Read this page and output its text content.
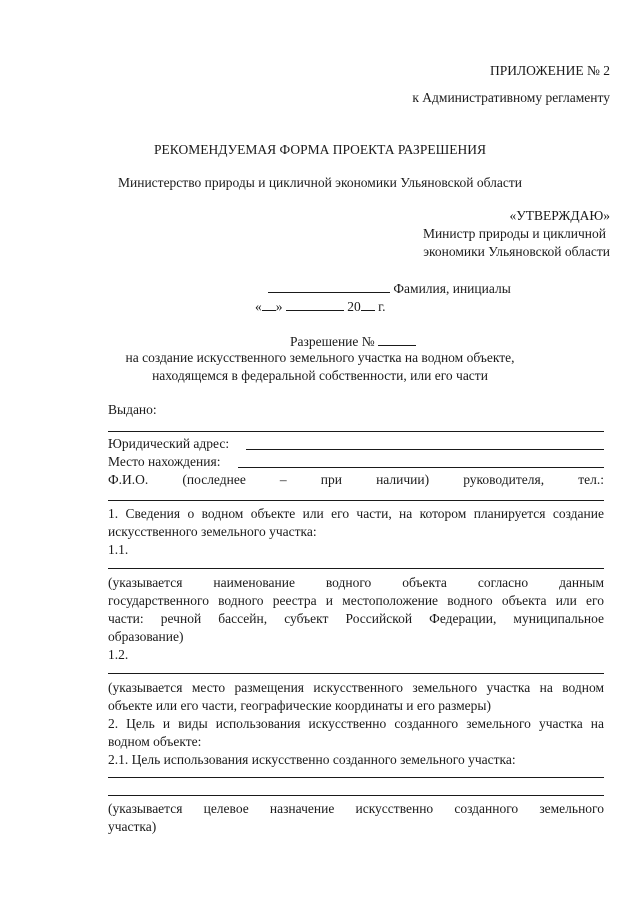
ПРИЛОЖЕНИЕ № 2
к Административному регламенту
РЕКОМЕНДУЕМАЯ ФОРМА ПРОЕКТА РАЗРЕШЕНИЯ
Министерство природы и цикличной экономики Ульяновской области
«УТВЕРЖДАЮ»
Министр природы и цикличной
экономики Ульяновской области
Фамилия, инициалы
« »	20 г.
Разрешение №
на создание искусственного земельного участка на водном объекте,
находящемся в федеральной собственности, или его части
Выдано:
Юридический адрес:
Место нахождения:
Ф.И.О.	(последнее	–	при	наличии)	руководителя,	тел.:
1. Сведения о водном объекте или его части, на котором планируется создание
искусственного земельного участка:
1.1.
(указывается наименование водного объекта согласно данным
государственного водного реестра и местоположение водного объекта или его
части: речной бассейн, субъект Российской Федерации, муниципальное
образование)
1.2.
(указывается место размещения искусственного земельного участка на водном
объекте или его части, географические координаты и его размеры)
2. Цель и виды использования искусственно созданного земельного участка на
водном объекте:
2.1. Цель использования искусственно созданного земельного участка:
(указывается целевое назначение искусственно созданного земельного
участка)
